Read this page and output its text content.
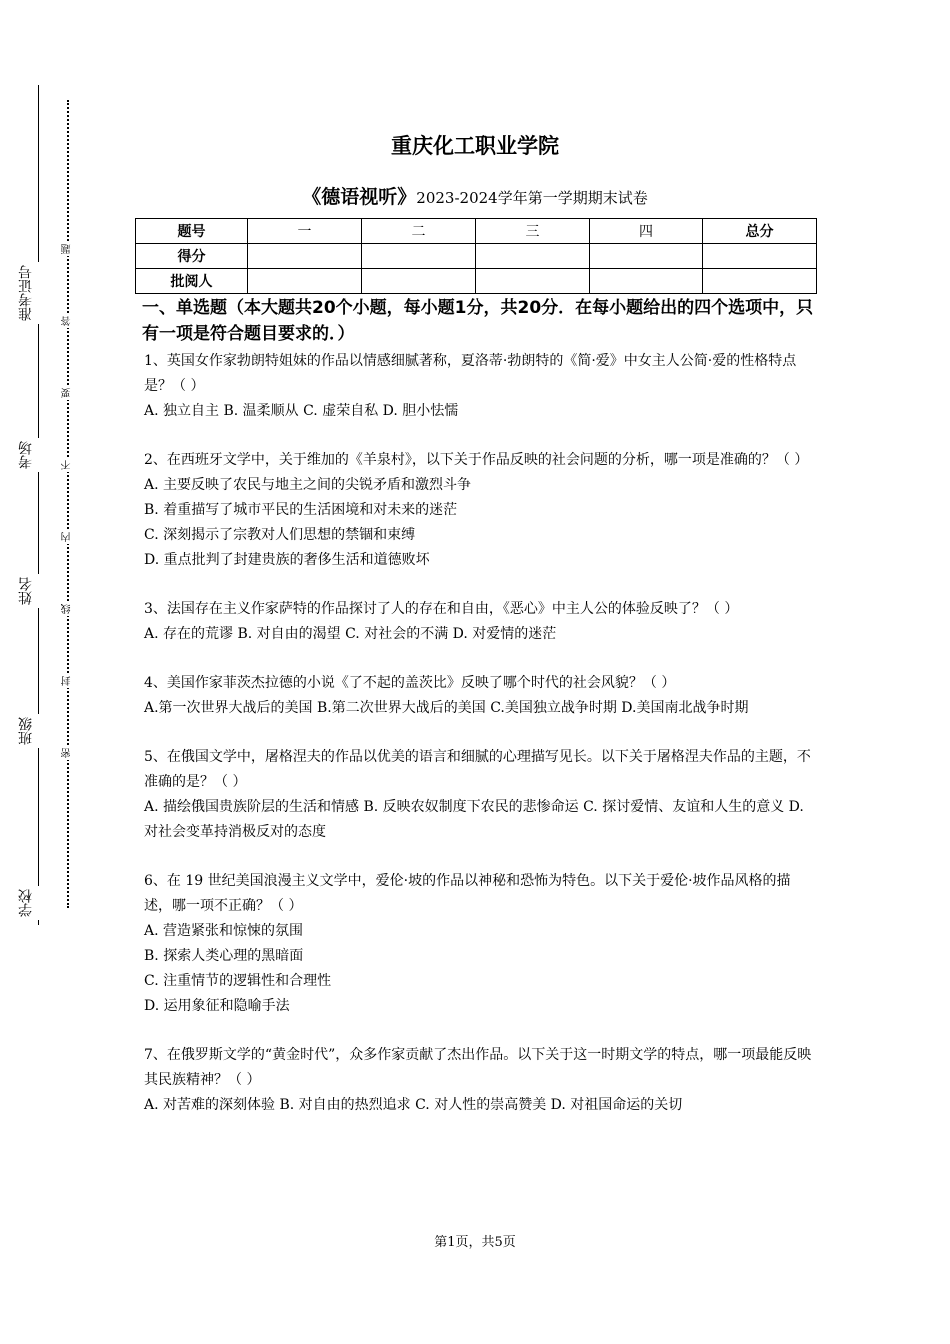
准考证号
考场
姓名
班级
学校
题
答
要
不
内
线
封
密
重庆化工职业学院
《德语视听》2023-2024学年第一学期期末试卷
题号	一	二	三	四	总分
得分					
批阅人					
一、单选题（本大题共20个小题，每小题1分，共20分．在每小题给出的四个选项中，只有一项是符合题目要求的．）

1、英国女作家勃朗特姐妹的作品以情感细腻著称，夏洛蒂·勃朗特的《简·爱》中女主人公简·爱的性格特点是？（ ）

A. 独立自主 B. 温柔顺从 C. 虚荣自私 D. 胆小怯懦

2、在西班牙文学中，关于维加的《羊泉村》，以下关于作品反映的社会问题的分析，哪一项是准确的？（ ）

A. 主要反映了农民与地主之间的尖锐矛盾和激烈斗争

B. 着重描写了城市平民的生活困境和对未来的迷茫

C. 深刻揭示了宗教对人们思想的禁锢和束缚

D. 重点批判了封建贵族的奢侈生活和道德败坏

3、法国存在主义作家萨特的作品探讨了人的存在和自由，《恶心》中主人公的体验反映了？（ ）

A. 存在的荒谬 B. 对自由的渴望 C. 对社会的不满 D. 对爱情的迷茫

4、美国作家菲茨杰拉德的小说《了不起的盖茨比》反映了哪个时代的社会风貌？（ ）

A.第一次世界大战后的美国 B.第二次世界大战后的美国 C.美国独立战争时期 D.美国南北战争时期

5、在俄国文学中，屠格涅夫的作品以优美的语言和细腻的心理描写见长。以下关于屠格涅夫作品的主题，不准确的是？（ ）

A. 描绘俄国贵族阶层的生活和情感 B. 反映农奴制度下农民的悲惨命运 C. 探讨爱情、友谊和人生的意义 D. 对社会变革持消极反对的态度

6、在 19 世纪美国浪漫主义文学中，爱伦·坡的作品以神秘和恐怖为特色。以下关于爱伦·坡作品风格的描述，哪一项不正确？（ ）

A. 营造紧张和惊悚的氛围

B. 探索人类心理的黑暗面

C. 注重情节的逻辑性和合理性

D. 运用象征和隐喻手法

7、在俄罗斯文学的“黄金时代”，众多作家贡献了杰出作品。以下关于这一时期文学的特点，哪一项最能反映其民族精神？（ ）

A. 对苦难的深刻体验 B. 对自由的热烈追求 C. 对人性的崇高赞美 D. 对祖国命运的关切

第1页，共5页
